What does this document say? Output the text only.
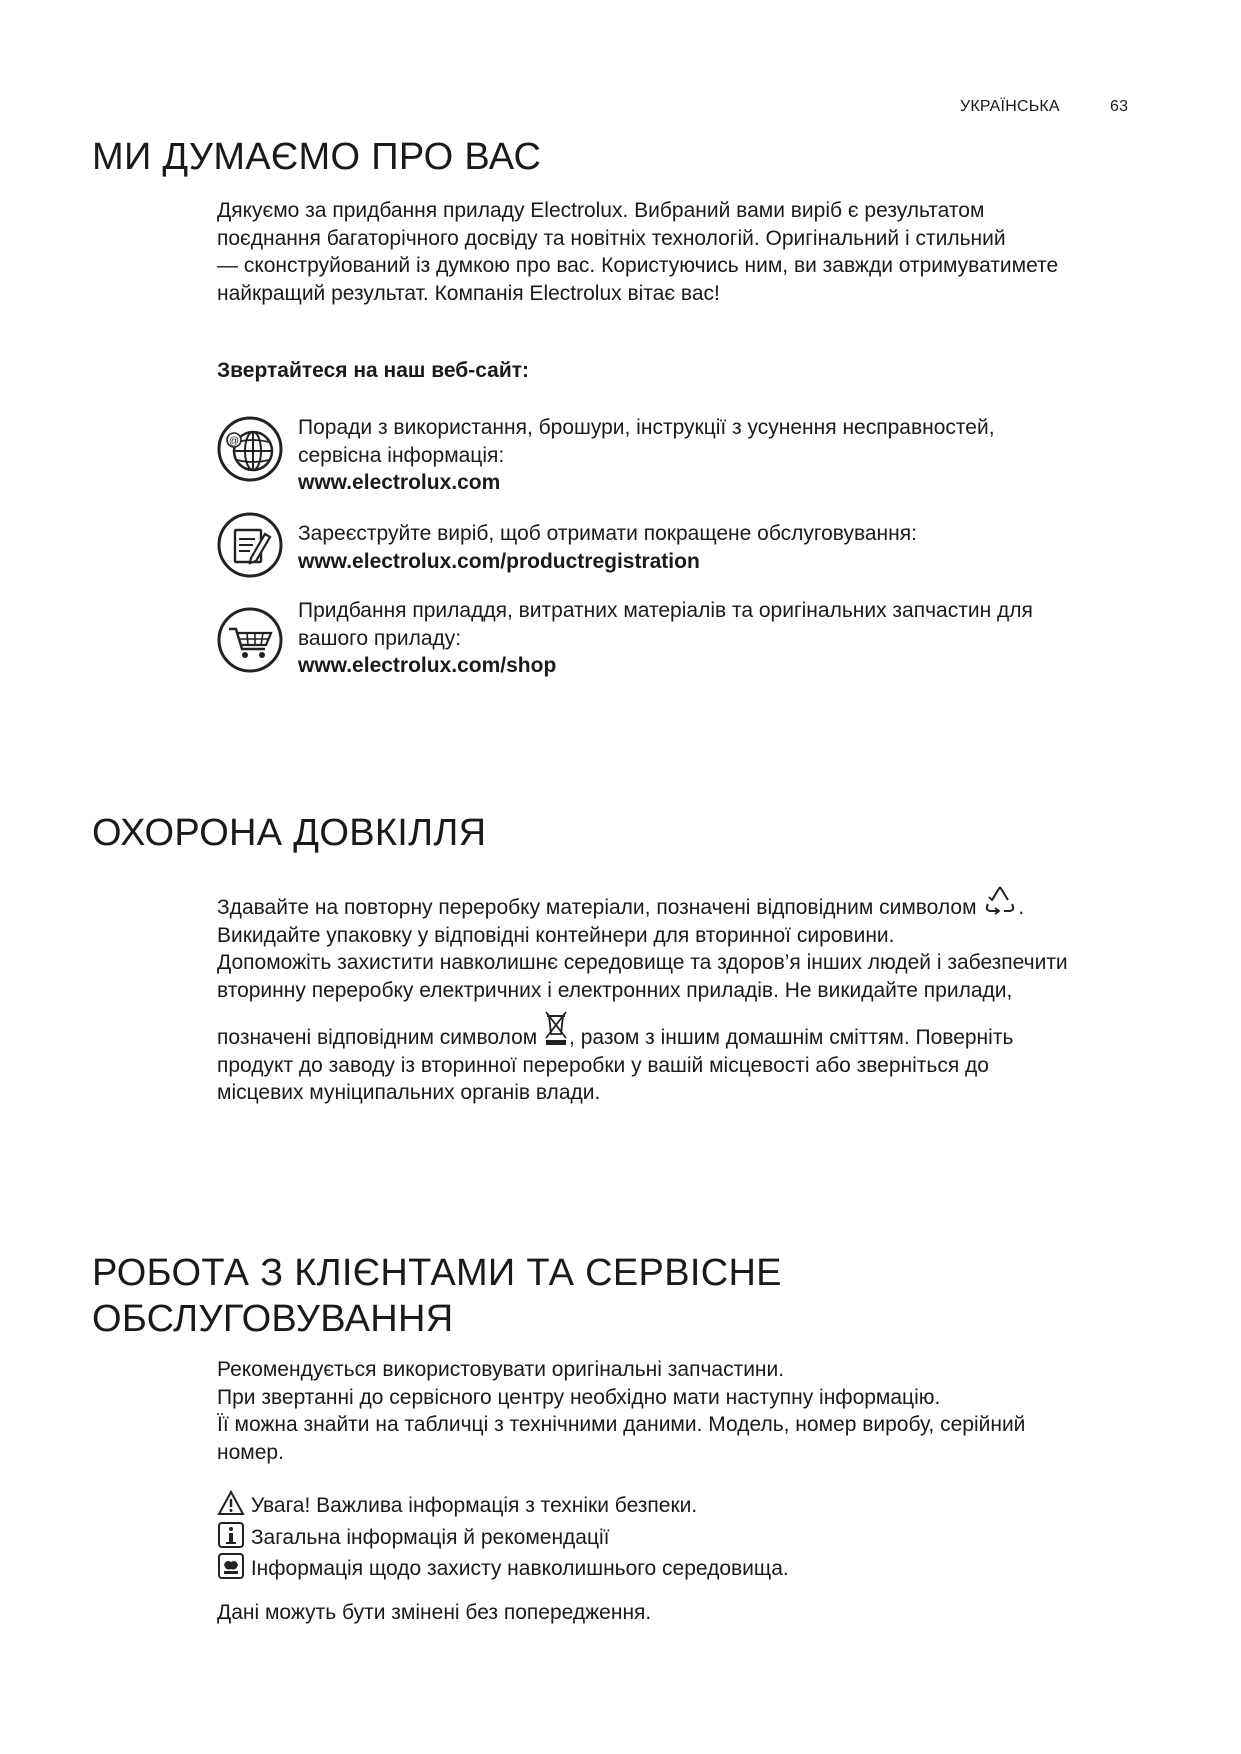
УКРАЇНСЬКА	63
МИ ДУМАЄМО ПРО ВАС

Дякуємо за придбання приладу Electrolux. Вибраний вами виріб є результатом

поєднання багаторічного досвіду та новітніх технологій. Оригінальний і стильний

— сконструйований із думкою про вас. Користуючись ним, ви завжди отримуватимете

найкращий результат. Компанія Electrolux вітає вас!

Звертайтеся на наш веб-сайт:
@

Поради з використання, брошури, інструкції з усунення несправностей,

сервісна інформація:

www.electrolux.com

Зареєструйте виріб, щоб отримати покращене обслуговування:

www.electrolux.com/productregistration

Придбання приладдя, витратних матеріалів та оригінальних запчастин для

вашого приладу:

www.electrolux.com/shop

ОХОРОНА ДОВКІЛЛЯ

Здавайте на повторну переробку матеріали, позначені відповідним символом .

Викидайте упаковку у відповідні контейнери для вторинної сировини.

Допоможіть захистити навколишнє середовище та здоров’я інших людей і забезпечити

вторинну переробку електричних і електронних приладів. Не викидайте прилади,

позначені відповідним символом , разом з іншим домашнім сміттям. Поверніть

продукт до заводу із вторинної переробки у вашій місцевості або зверніться до

місцевих муніципальних органів влади.

РОБОТА З КЛІЄНТАМИ ТА СЕРВІСНЕ
ОБСЛУГОВУВАННЯ

Рекомендується використовувати оригінальні запчастини.

При звертанні до сервісного центру необхідно мати наступну інформацію.

Її можна знайти на табличці з технічними даними. Модель, номер виробу, серійний

номер.

Увага! Важлива інформація з техніки безпеки.

Загальна інформація й рекомендації

Інформація щодо захисту навколишнього середовища.

Дані можуть бути змінені без попередження.
